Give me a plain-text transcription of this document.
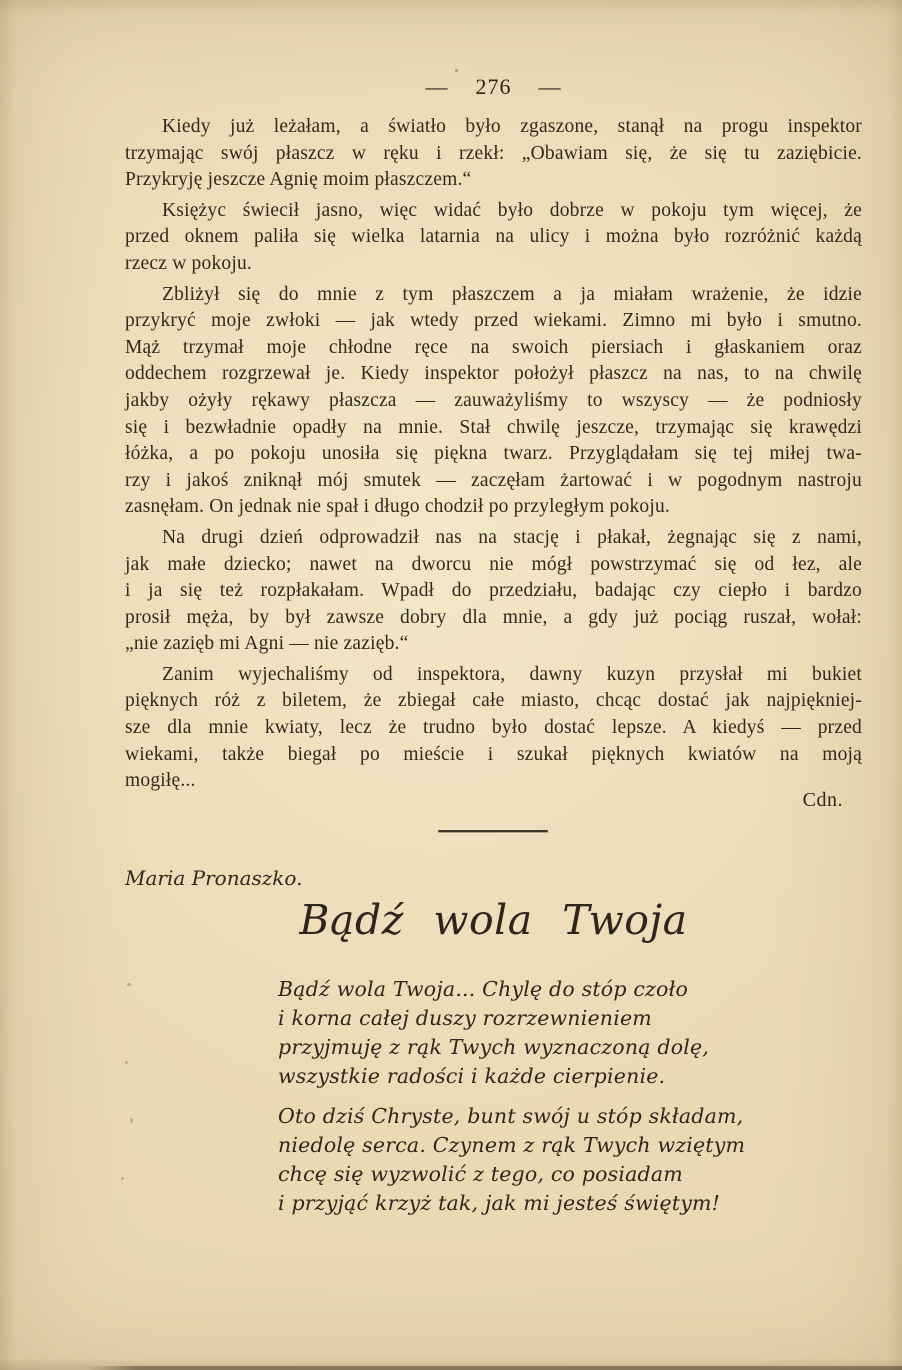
— 276 —
Kiedy już leżałam, a światło było zgaszone, stanął na progu inspektor
trzymając swój płaszcz w ręku i rzekł: „Obawiam się, że się tu zaziębicie.
Przykryję jeszcze Agnię moim płaszczem.“
Księżyc świecił jasno, więc widać było dobrze w pokoju tym więcej, że
przed oknem paliła się wielka latarnia na ulicy i można było rozróżnić każdą
rzecz w pokoju.
Zbliżył się do mnie z tym płaszczem a ja miałam wrażenie, że idzie
przykryć moje zwłoki — jak wtedy przed wiekami. Zimno mi było i smutno.
Mąż trzymał moje chłodne ręce na swoich piersiach i głaskaniem oraz
oddechem rozgrzewał je. Kiedy inspektor położył płaszcz na nas, to na chwilę
jakby ożyły rękawy płaszcza — zauważyliśmy to wszyscy — że podniosły
się i bezwładnie opadły na mnie. Stał chwilę jeszcze, trzymając się krawędzi
łóżka, a po pokoju unosiła się piękna twarz. Przyglądałam się tej miłej twa-
rzy i jakoś zniknął mój smutek — zaczęłam żartować i w pogodnym nastroju
zasnęłam. On jednak nie spał i długo chodził po przyległym pokoju.
Na drugi dzień odprowadził nas na stację i płakał, żegnając się z nami,
jak małe dziecko; nawet na dworcu nie mógł powstrzymać się od łez, ale
i ja się też rozpłakałam. Wpadł do przedziału, badając czy ciepło i bardzo
prosił męża, by był zawsze dobry dla mnie, a gdy już pociąg ruszał, wołał:
„nie zazięb mi Agni — nie zazięb.“
Zanim wyjechaliśmy od inspektora, dawny kuzyn przysłał mi bukiet
pięknych róż z biletem, że zbiegał całe miasto, chcąc dostać jak najpiękniej-
sze dla mnie kwiaty, lecz że trudno było dostać lepsze. A kiedyś — przed
wiekami, także biegał po mieście i szukał pięknych kwiatów na moją
mogiłę...
Cdn.
Maria Pronaszko.
Bądź wola Twoja
Bądź wola Twoja... Chylę do stóp czoło
i korna całej duszy rozrzewnieniem
przyjmuję z rąk Twych wyznaczoną dolę,
wszystkie radości i każde cierpienie.
Oto dziś Chryste, bunt swój u stóp składam,
niedolę serca. Czynem z rąk Twych wziętym
chcę się wyzwolić z tego, co posiadam
i przyjąć krzyż tak, jak mi jesteś świętym!
